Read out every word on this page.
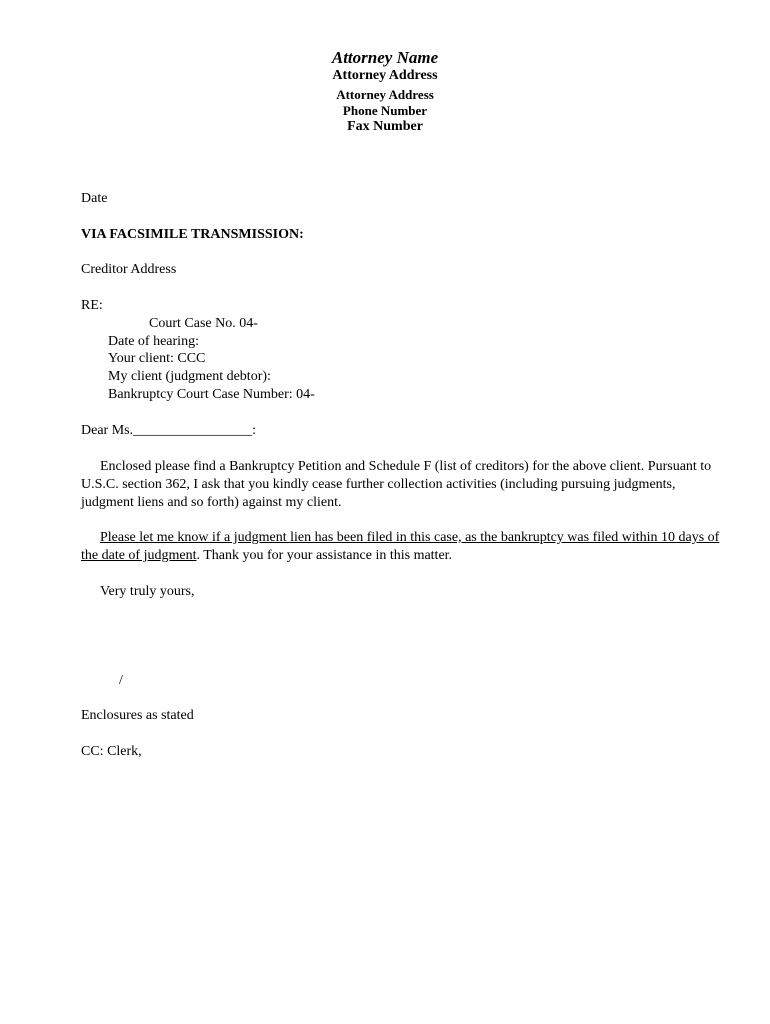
Attorney Name
Attorney Address
Attorney Address
Phone Number
Fax Number
Date
VIA FACSIMILE TRANSMISSION:
Creditor Address
RE:
Court Case No. 04-
Date of hearing:
Your client: CCC
My client (judgment debtor):
Bankruptcy Court Case Number: 04-
Dear Ms._________________:
Enclosed please find a Bankruptcy Petition and Schedule F (list of creditors) for the above client. Pursuant to U.S.C. section 362, I ask that you kindly cease further collection activities (including pursuing judgments, judgment liens and so forth) against my client.
Please let me know if a judgment lien has been filed in this case, as the bankruptcy was filed within 10 days of the date of judgment. Thank you for your assistance in this matter.
Very truly yours,
/
Enclosures as stated
CC: Clerk,
